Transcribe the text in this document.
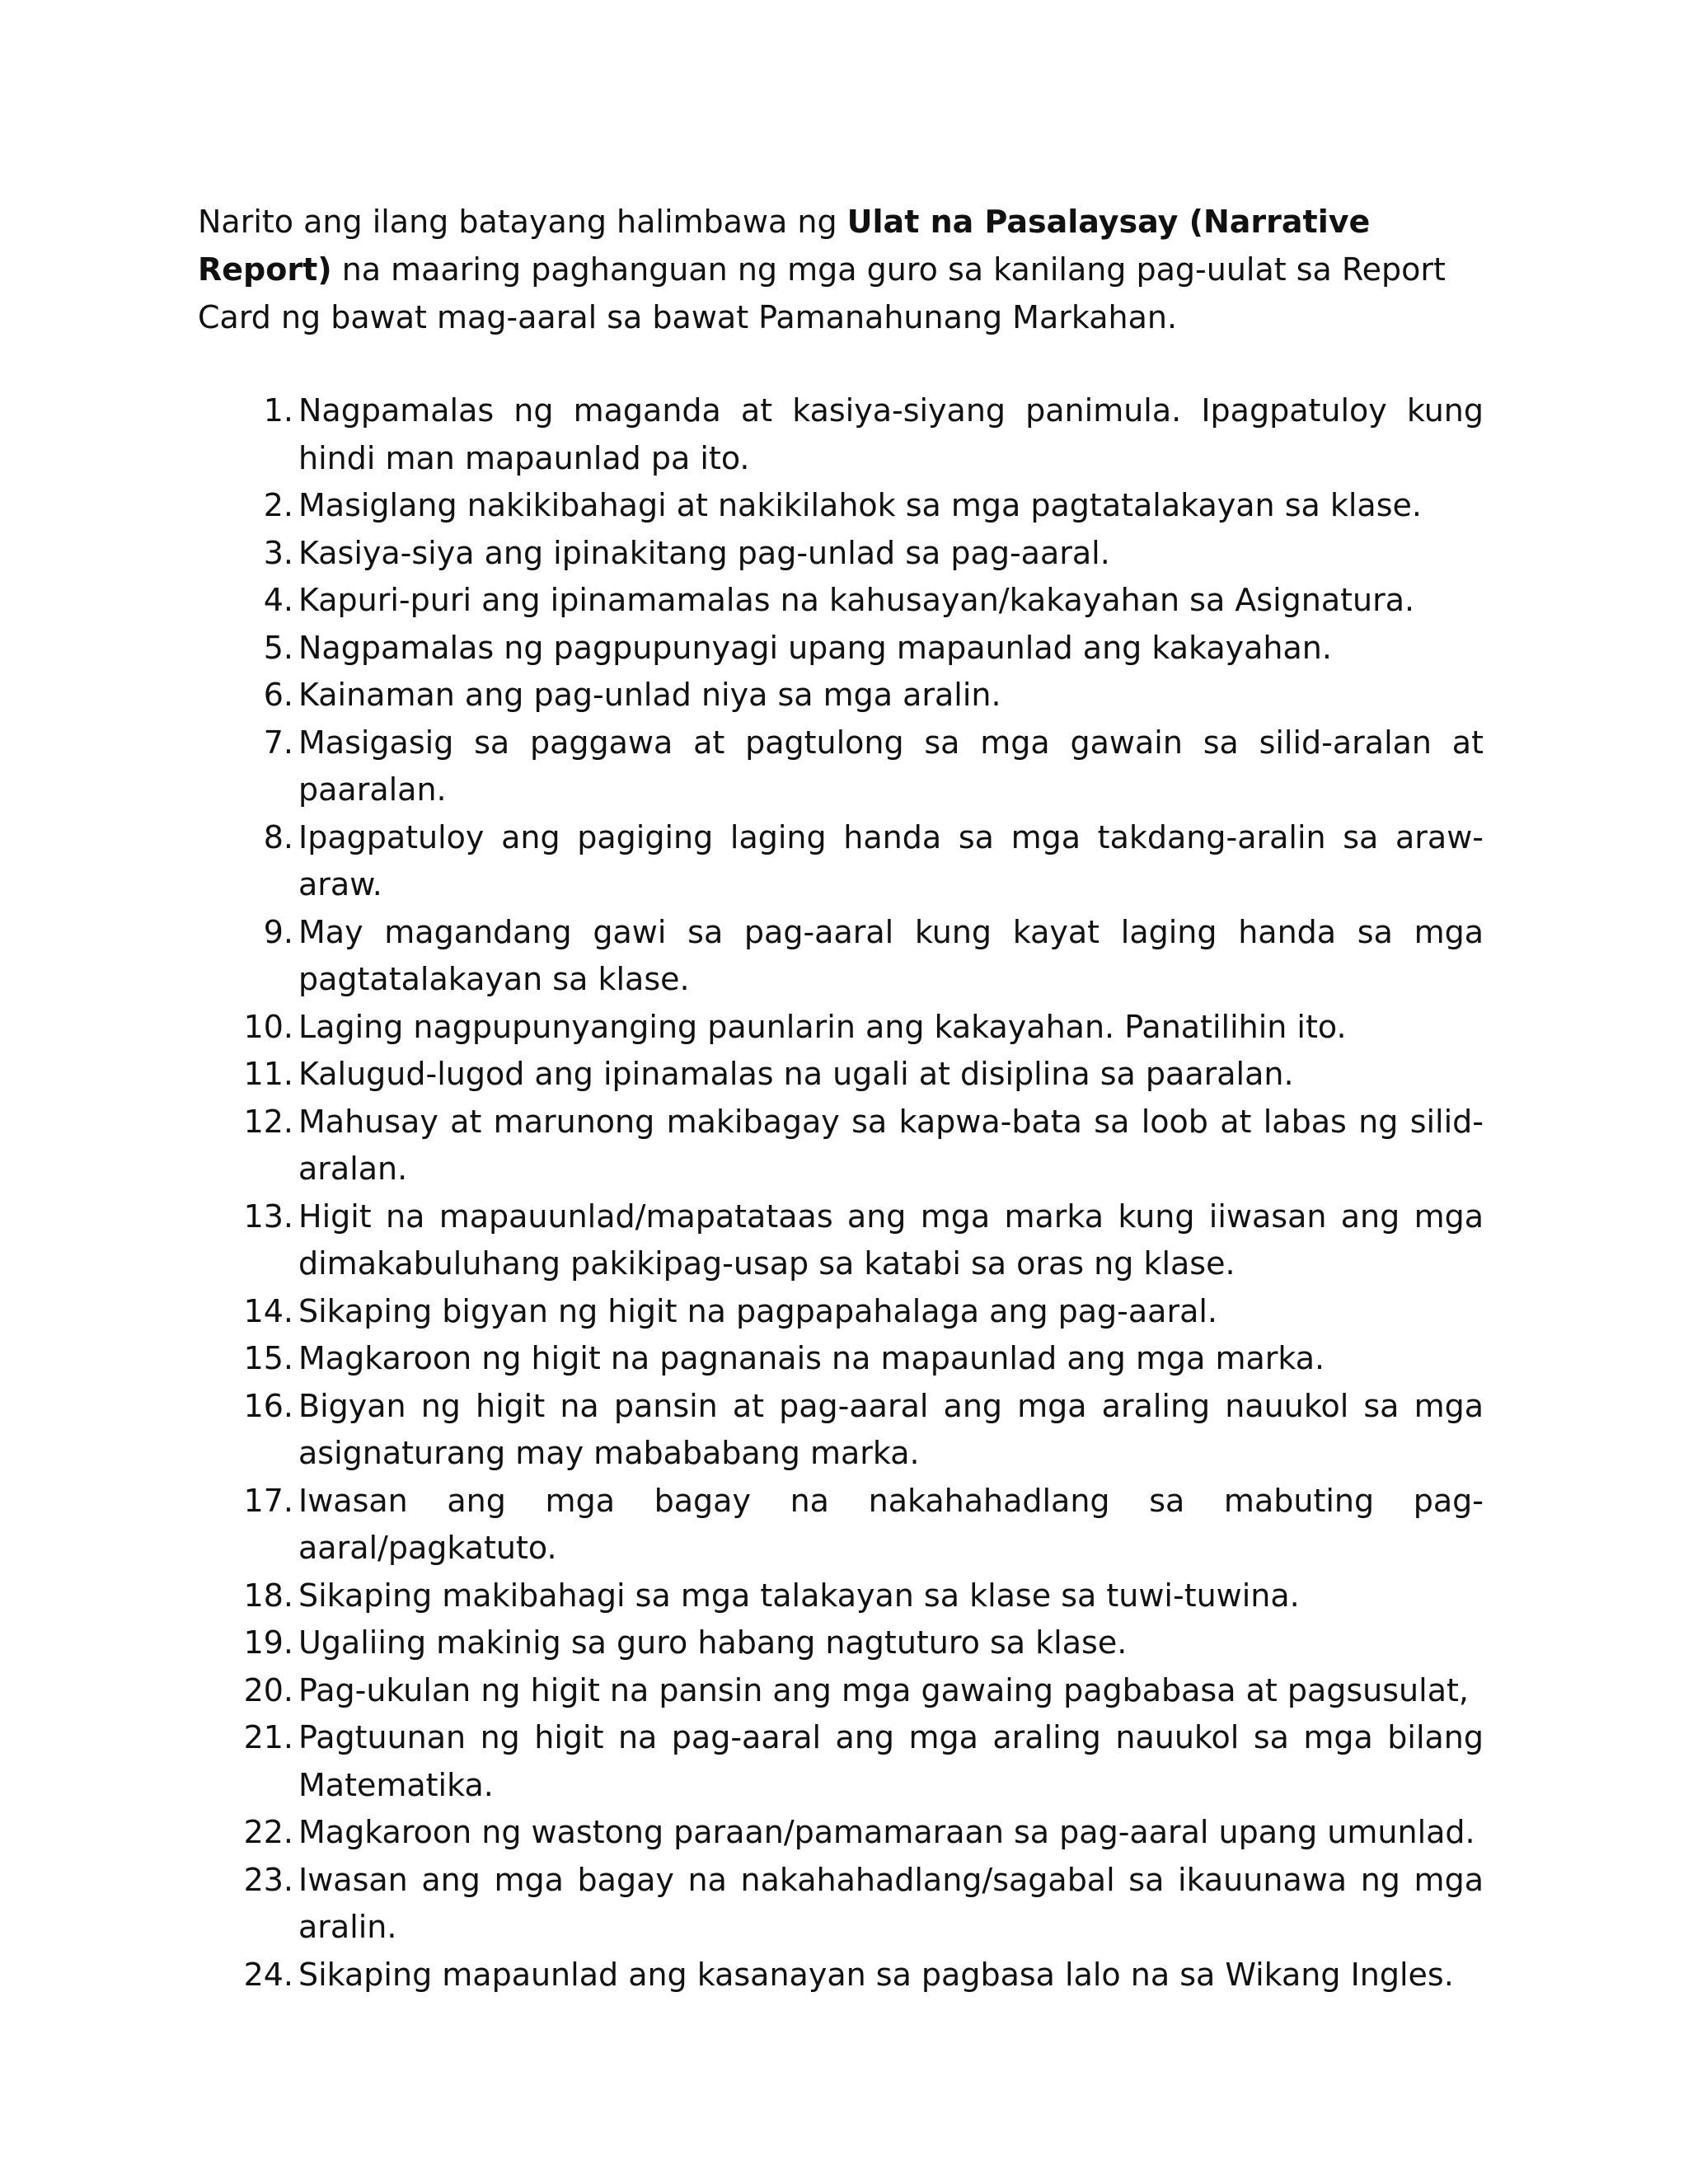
Narito ang ilang batayang halimbawa ng Ulat na Pasalaysay (Narrative Report) na maaring paghanguan ng mga guro sa kanilang pag-uulat sa Report Card ng bawat mag-aaral sa bawat Pamanahunang Markahan.

1. Nagpamalas ng maganda at kasiya-siyang panimula. Ipagpatuloy kung hindi man mapaunlad pa ito.
2. Masiglang nakikibahagi at nakikilahok sa mga pagtatalakayan sa klase.
3. Kasiya-siya ang ipinakitang pag-unlad sa pag-aaral.
4. Kapuri-puri ang ipinamamalas na kahusayan/kakayahan sa Asignatura.
5. Nagpamalas ng pagpupunyagi upang mapaunlad ang kakayahan.
6. Kainaman ang pag-unlad niya sa mga aralin.
7. Masigasig sa paggawa at pagtulong sa mga gawain sa silid-aralan at paaralan.
8. Ipagpatuloy ang pagiging laging handa sa mga takdang-aralin sa araw-araw.
9. May magandang gawi sa pag-aaral kung kayat laging handa sa mga pagtatalakayan sa klase.
10. Laging nagpupunyanging paunlarin ang kakayahan. Panatilihin ito.
11. Kalugud-lugod ang ipinamalas na ugali at disiplina sa paaralan.
12. Mahusay at marunong makibagay sa kapwa-bata sa loob at labas ng silid-aralan.
13. Higit na mapauunlad/mapatataas ang mga marka kung iiwasan ang mga dimakabuluhang pakikipag-usap sa katabi sa oras ng klase.
14. Sikaping bigyan ng higit na pagpapahalaga ang pag-aaral.
15. Magkaroon ng higit na pagnanais na mapaunlad ang mga marka.
16. Bigyan ng higit na pansin at pag-aaral ang mga araling nauukol sa mga asignaturang may mabababang marka.
17. Iwasan ang mga bagay na nakahahadlang sa mabuting pag-aaral/pagkatuto.
18. Sikaping makibahagi sa mga talakayan sa klase sa tuwi-tuwina.
19. Ugaliing makinig sa guro habang nagtuturo sa klase.
20. Pag-ukulan ng higit na pansin ang mga gawaing pagbabasa at pagsusulat,
21. Pagtuunan ng higit na pag-aaral ang mga araling nauukol sa mga bilang Matematika.
22. Magkaroon ng wastong paraan/pamamaraan sa pag-aaral upang umunlad.
23. Iwasan ang mga bagay na nakahahadlang/sagabal sa ikauunawa ng mga aralin.
24. Sikaping mapaunlad ang kasanayan sa pagbasa lalo na sa Wikang Ingles.
